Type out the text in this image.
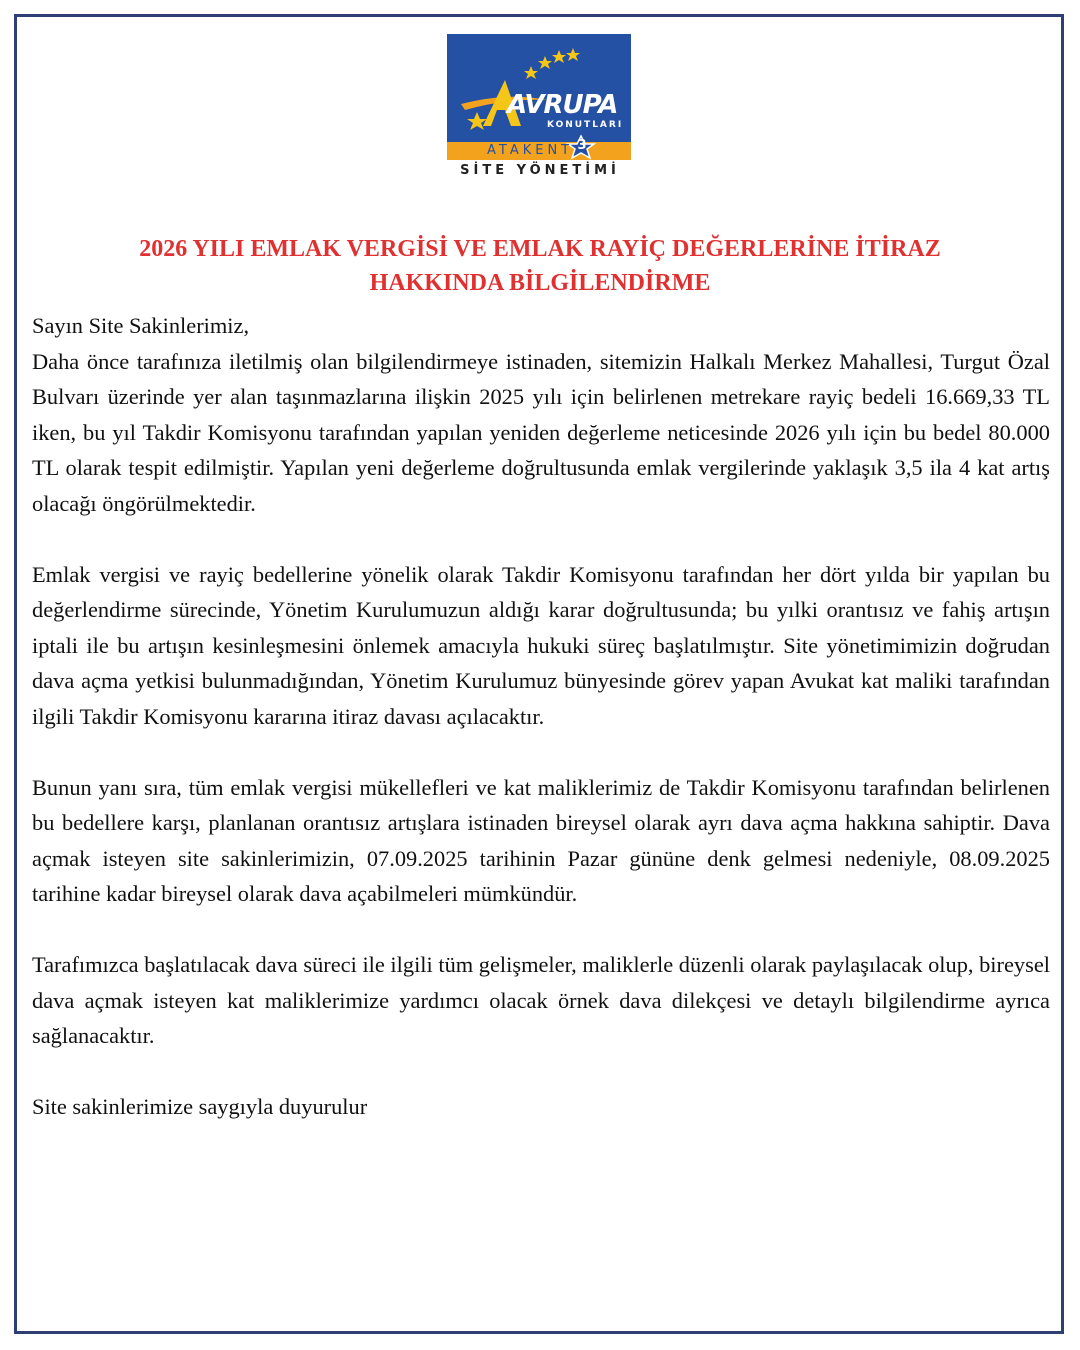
AVRUPA
KONUTLARI
ATAKENT 3
SİTE YÖNETİMİ
2026 YILI EMLAK VERGİSİ VE EMLAK RAYİÇ DEĞERLERİNE İTİRAZ
HAKKINDA BİLGİLENDİRME

Sayın Site Sakinlerimiz,

Daha önce tarafınıza iletilmiş olan bilgilendirmeye istinaden, sitemizin Halkalı Merkez Mahallesi, Turgut Özal Bulvarı üzerinde yer alan taşınmazlarına ilişkin 2025 yılı için belirlenen metrekare rayiç bedeli 16.669,33 TL iken, bu yıl Takdir Komisyonu tarafından yapılan yeniden değerleme neticesinde 2026 yılı için bu bedel 80.000 TL olarak tespit edilmiştir. Yapılan yeni değerleme doğrultusunda emlak vergilerinde yaklaşık 3,5 ila 4 kat artış olacağı öngörülmektedir.

Emlak vergisi ve rayiç bedellerine yönelik olarak Takdir Komisyonu tarafından her dört yılda bir yapılan bu değerlendirme sürecinde, Yönetim Kurulumuzun aldığı karar doğrultusunda; bu yılki orantısız ve fahiş artışın iptali ile bu artışın kesinleşmesini önlemek amacıyla hukuki süreç başlatılmıştır. Site yönetimimizin doğrudan dava açma yetkisi bulunmadığından, Yönetim Kurulumuz bünyesinde görev yapan Avukat kat maliki tarafından ilgili Takdir Komisyonu kararına itiraz davası açılacaktır.

Bunun yanı sıra, tüm emlak vergisi mükellefleri ve kat maliklerimiz de Takdir Komisyonu tarafından belirlenen bu bedellere karşı, planlanan orantısız artışlara istinaden bireysel olarak ayrı dava açma hakkına sahiptir. Dava açmak isteyen site sakinlerimizin, 07.09.2025 tarihinin Pazar gününe denk gelmesi nedeniyle, 08.09.2025 tarihine kadar bireysel olarak dava açabilmeleri mümkündür.

Tarafımızca başlatılacak dava süreci ile ilgili tüm gelişmeler, maliklerle düzenli olarak paylaşılacak olup, bireysel dava açmak isteyen kat maliklerimize yardımcı olacak örnek dava dilekçesi ve detaylı bilgilendirme ayrıca sağlanacaktır.

Site sakinlerimize saygıyla duyurulur
